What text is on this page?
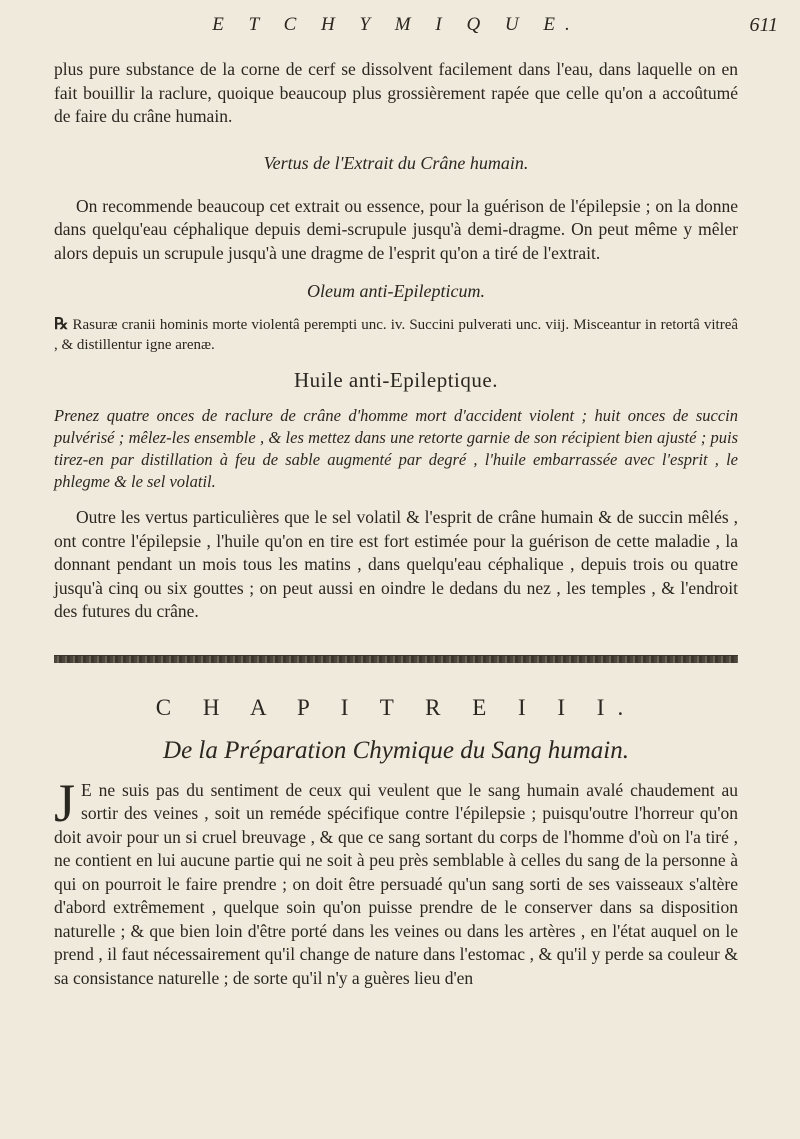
E T C H Y M I Q U E.	611

plus pure substance de la corne de cerf se dissolvent facilement dans l'eau, dans laquelle on en fait bouillir la raclure, quoique beaucoup plus grossièrement rapée que celle qu'on a accoûtumé de faire du crâne humain.

Vertus de l'Extrait du Crâne humain.

On recommende beaucoup cet extrait ou essence, pour la guérison de l'épilepsie ; on la donne dans quelqu'eau céphalique depuis demi-scrupule jusqu'à demi-dragme. On peut même y mêler alors depuis un scrupule jusqu'à une dragme de l'esprit qu'on a tiré de l'extrait.

Oleum anti-Epilepticum.

℞ Rasuræ cranii hominis morte violentâ perempti unc. iv. Succini pulverati unc. viij. Misceantur in retortâ vitreâ , & distillentur igne arenæ.

Huile anti-Epileptique.

Prenez quatre onces de raclure de crâne d'homme mort d'accident violent ; huit onces de succin pulvérisé ; mêlez-les ensemble , & les mettez dans une retorte garnie de son récipient bien ajusté ; puis tirez-en par distillation à feu de sable augmenté par degré , l'huile embarrassée avec l'esprit , le phlegme & le sel volatil.

Outre les vertus particulières que le sel volatil & l'esprit de crâne humain & de succin mêlés , ont contre l'épilepsie , l'huile qu'on en tire est fort estimée pour la guérison de cette maladie , la donnant pendant un mois tous les matins , dans quelqu'eau céphalique , depuis trois ou quatre jusqu'à cinq ou six gouttes ; on peut aussi en oindre le dedans du nez , les temples , & l'endroit des futures du crâne.

C H A P I T R E I I I.

De la Préparation Chymique du Sang humain.

J E ne suis pas du sentiment de ceux qui veulent que le sang humain avalé chaudement au sortir des veines , soit un reméde spécifique contre l'épilepsie ; puisqu'outre l'horreur qu'on doit avoir pour un si cruel breuvage , & que ce sang sortant du corps de l'homme d'où on l'a tiré , ne contient en lui aucune partie qui ne soit à peu près semblable à celles du sang de la personne à qui on pourroit le faire prendre ; on doit être persuadé qu'un sang sorti de ses vaisseaux s'altère d'abord extrêmement , quelque soin qu'on puisse prendre de le conserver dans sa disposition naturelle ; & que bien loin d'être porté dans les veines ou dans les artères , en l'état auquel on le prend , il faut nécessairement qu'il change de nature dans l'estomac , & qu'il y perde sa couleur & sa consistance naturelle ; de sorte qu'il n'y a guères lieu d'en
